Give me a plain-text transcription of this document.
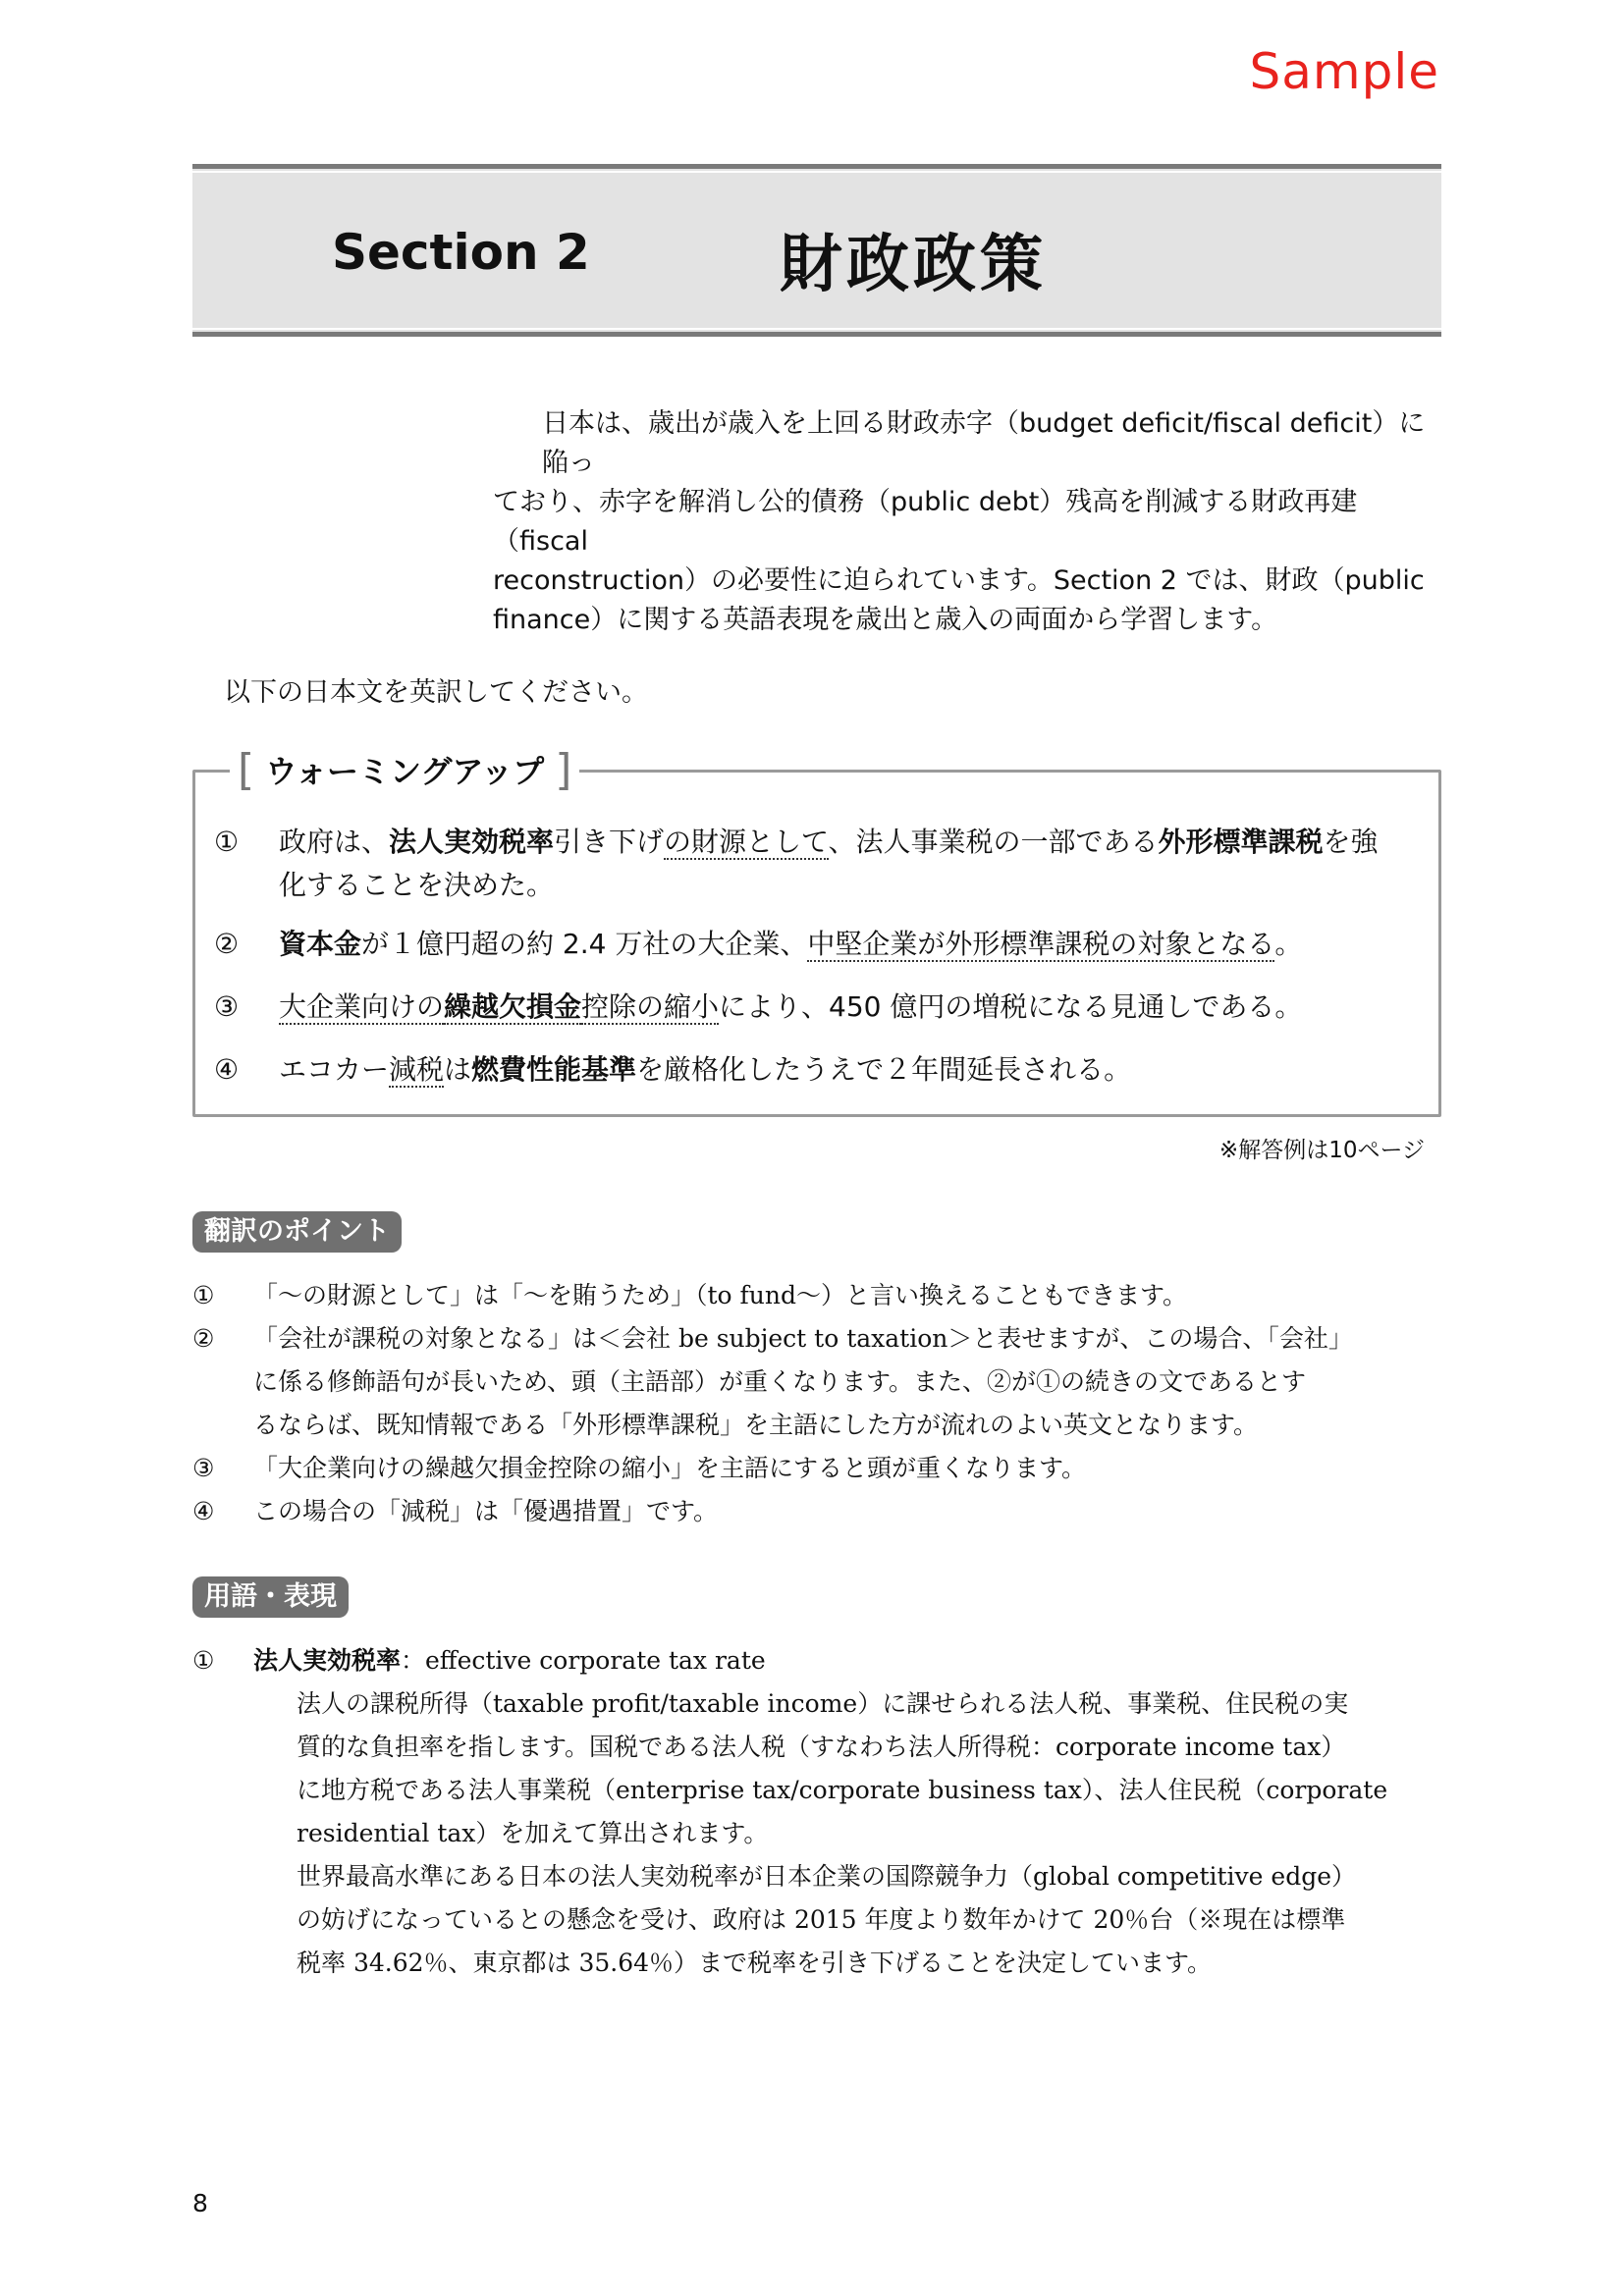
Sample
Section 2	財政政策

日本は、歳出が歳入を上回る財政赤字（budget deficit/fiscal deficit）に陥っ

ており、赤字を解消し公的債務（public debt）残高を削減する財政再建（fiscal

reconstruction）の必要性に迫られています。Section 2 では、財政（public

finance）に関する英語表現を歳出と歳入の両面から学習します。

以下の日本文を英訳してください。
[ ウォーミングアップ ]
①	政府は、法人実効税率引き下げの財源として、法人事業税の一部である外形標準課税を強
化することを決めた。
②	資本金が１億円超の約 2.4 万社の大企業、中堅企業が外形標準課税の対象となる。
③	大企業向けの繰越欠損金控除の縮小により、450 億円の増税になる見通しである。
④	エコカー減税は燃費性能基準を厳格化したうえで２年間延長される。
※解答例は10ページ
翻訳のポイント
① 「～の財源として」は「～を賄うため」（to fund～）と言い換えることもできます。
② 「会社が課税の対象となる」は＜会社 be subject to taxation＞と表せますが、この場合、「会社」
に係る修飾語句が長いため、頭（主語部）が重くなります。また、②が①の続きの文であるとす
るならば、既知情報である「外形標準課税」を主語にした方が流れのよい英文となります。
③ 「大企業向けの繰越欠損金控除の縮小」を主語にすると頭が重くなります。
④ この場合の「減税」は「優遇措置」です。
用語・表現
① 法人実効税率：effective corporate tax rate
法人の課税所得（taxable profit/taxable income）に課せられる法人税、事業税、住民税の実
質的な負担率を指します。国税である法人税（すなわち法人所得税：corporate income tax）
に地方税である法人事業税（enterprise tax/corporate business tax）、法人住民税（corporate
residential tax）を加えて算出されます。
世界最高水準にある日本の法人実効税率が日本企業の国際競争力（global competitive edge）
の妨げになっているとの懸念を受け、政府は 2015 年度より数年かけて 20％台（※現在は標準
税率 34.62％、東京都は 35.64％）まで税率を引き下げることを決定しています。
8
